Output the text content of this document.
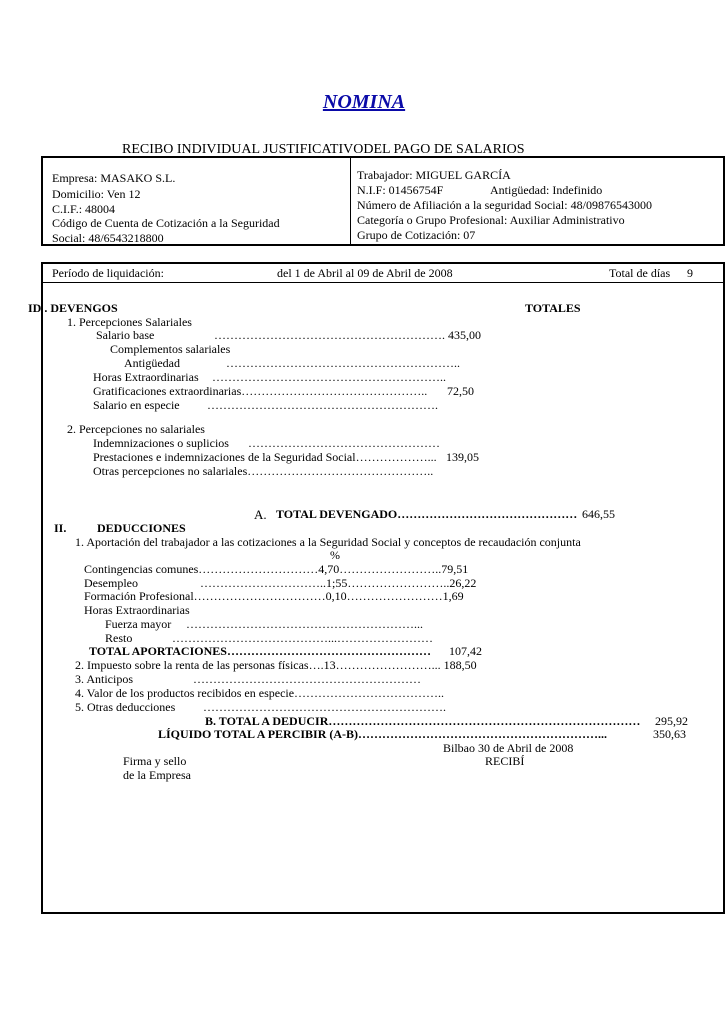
NOMINA
RECIBO INDIVIDUAL JUSTIFICATIVODEL PAGO DE SALARIOS
Empresa: MASAKO S.L.
Domicilio: Ven 12
C.I.F.: 48004
Código de Cuenta de Cotización a la Seguridad
Social: 48/6543218800
Trabajador: MIGUEL GARCÍA
N.I.F: 01456754F	Antigüedad: Indefinido
Número de Afiliación a la seguridad Social: 48/09876543000
Categoría o Grupo Profesional: Auxiliar Administrativo
Grupo de Cotización: 07
Período de liquidación:	del 1 de Abril al 09 de Abril de 2008	Total de días 9
ID . DEVENGOS	TOTALES
1. Percepciones Salariales
Salario base	…………………………………………………. 435,00
Complementos salariales
Antigüedad	…………………………………………………..
Horas Extraordinarias …………………………………………………..
Gratificaciones extraordinarias……………………………………….. 72,50
Salario en especie ………………………………………………….
2. Percepciones no salariales
Indemnizaciones o suplicios …………………………………………
Prestaciones e indemnizaciones de la Seguridad Social………………... 139,05
Otras percepciones no salariales………………………………………..
A. TOTAL DEVENGADO……………………………………… 646,55
II.	DEDUCCIONES
1. Aportación del trabajador a las cotizaciones a la Seguridad Social y conceptos de recaudación conjunta
%
Contingencias comunes…………………………4,70……………………..79,51
Desempleo	…………………………..1;55……………………..26,22
Formación Profesional……………………………0,10……………………1,69
Horas Extraordinarias
Fuerza mayor …………………………………………………...
Resto	…………………………………...……………………
TOTAL APORTACIONES…………………………………………… 107,42
2. Impuesto sobre la renta de las personas físicas….13……………………... 188,50
3. Anticipos	…………………………………………………
4. Valor de los productos recibidos en especie………………………………..
5. Otras deducciones …………………………………………………….
B. TOTAL A DEDUCIR…………………………………………………………………… 295,92
LÍQUIDO TOTAL A PERCIBIR (A-B)……………………………………………………...	350,63
Bilbao 30 de Abril de 2008
RECIBÍ
Firma y sello
de la Empresa
